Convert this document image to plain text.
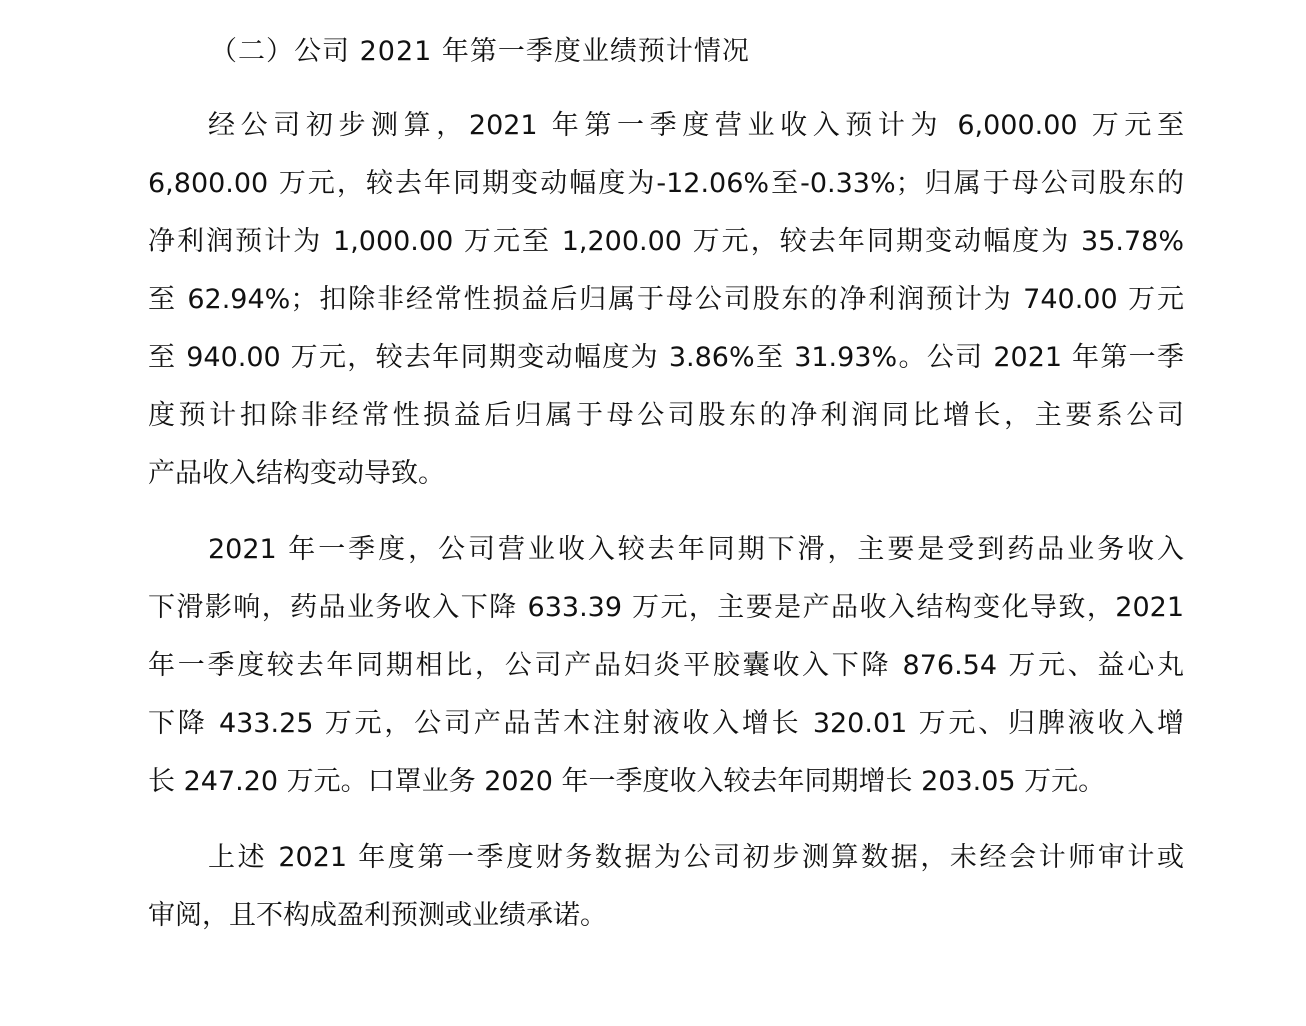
（二）公司 2021 年第一季度业绩预计情况
经公司初步测算，2021 年第一季度营业收入预计为 6,000.00 万元至
6,800.00 万元，较去年同期变动幅度为-12.06%至-0.33%；归属于母公司股东的
净利润预计为 1,000.00 万元至 1,200.00 万元，较去年同期变动幅度为 35.78%
至 62.94%；扣除非经常性损益后归属于母公司股东的净利润预计为 740.00 万元
至 940.00 万元，较去年同期变动幅度为 3.86%至 31.93%。公司 2021 年第一季
度预计扣除非经常性损益后归属于母公司股东的净利润同比增长，主要系公司
产品收入结构变动导致。
2021 年一季度，公司营业收入较去年同期下滑，主要是受到药品业务收入
下滑影响，药品业务收入下降 633.39 万元，主要是产品收入结构变化导致，2021
年一季度较去年同期相比，公司产品妇炎平胶囊收入下降 876.54 万元、益心丸
下降 433.25 万元，公司产品苦木注射液收入增长 320.01 万元、归脾液收入增
长 247.20 万元。口罩业务 2020 年一季度收入较去年同期增长 203.05 万元。
上述 2021 年度第一季度财务数据为公司初步测算数据，未经会计师审计或
审阅，且不构成盈利预测或业绩承诺。
